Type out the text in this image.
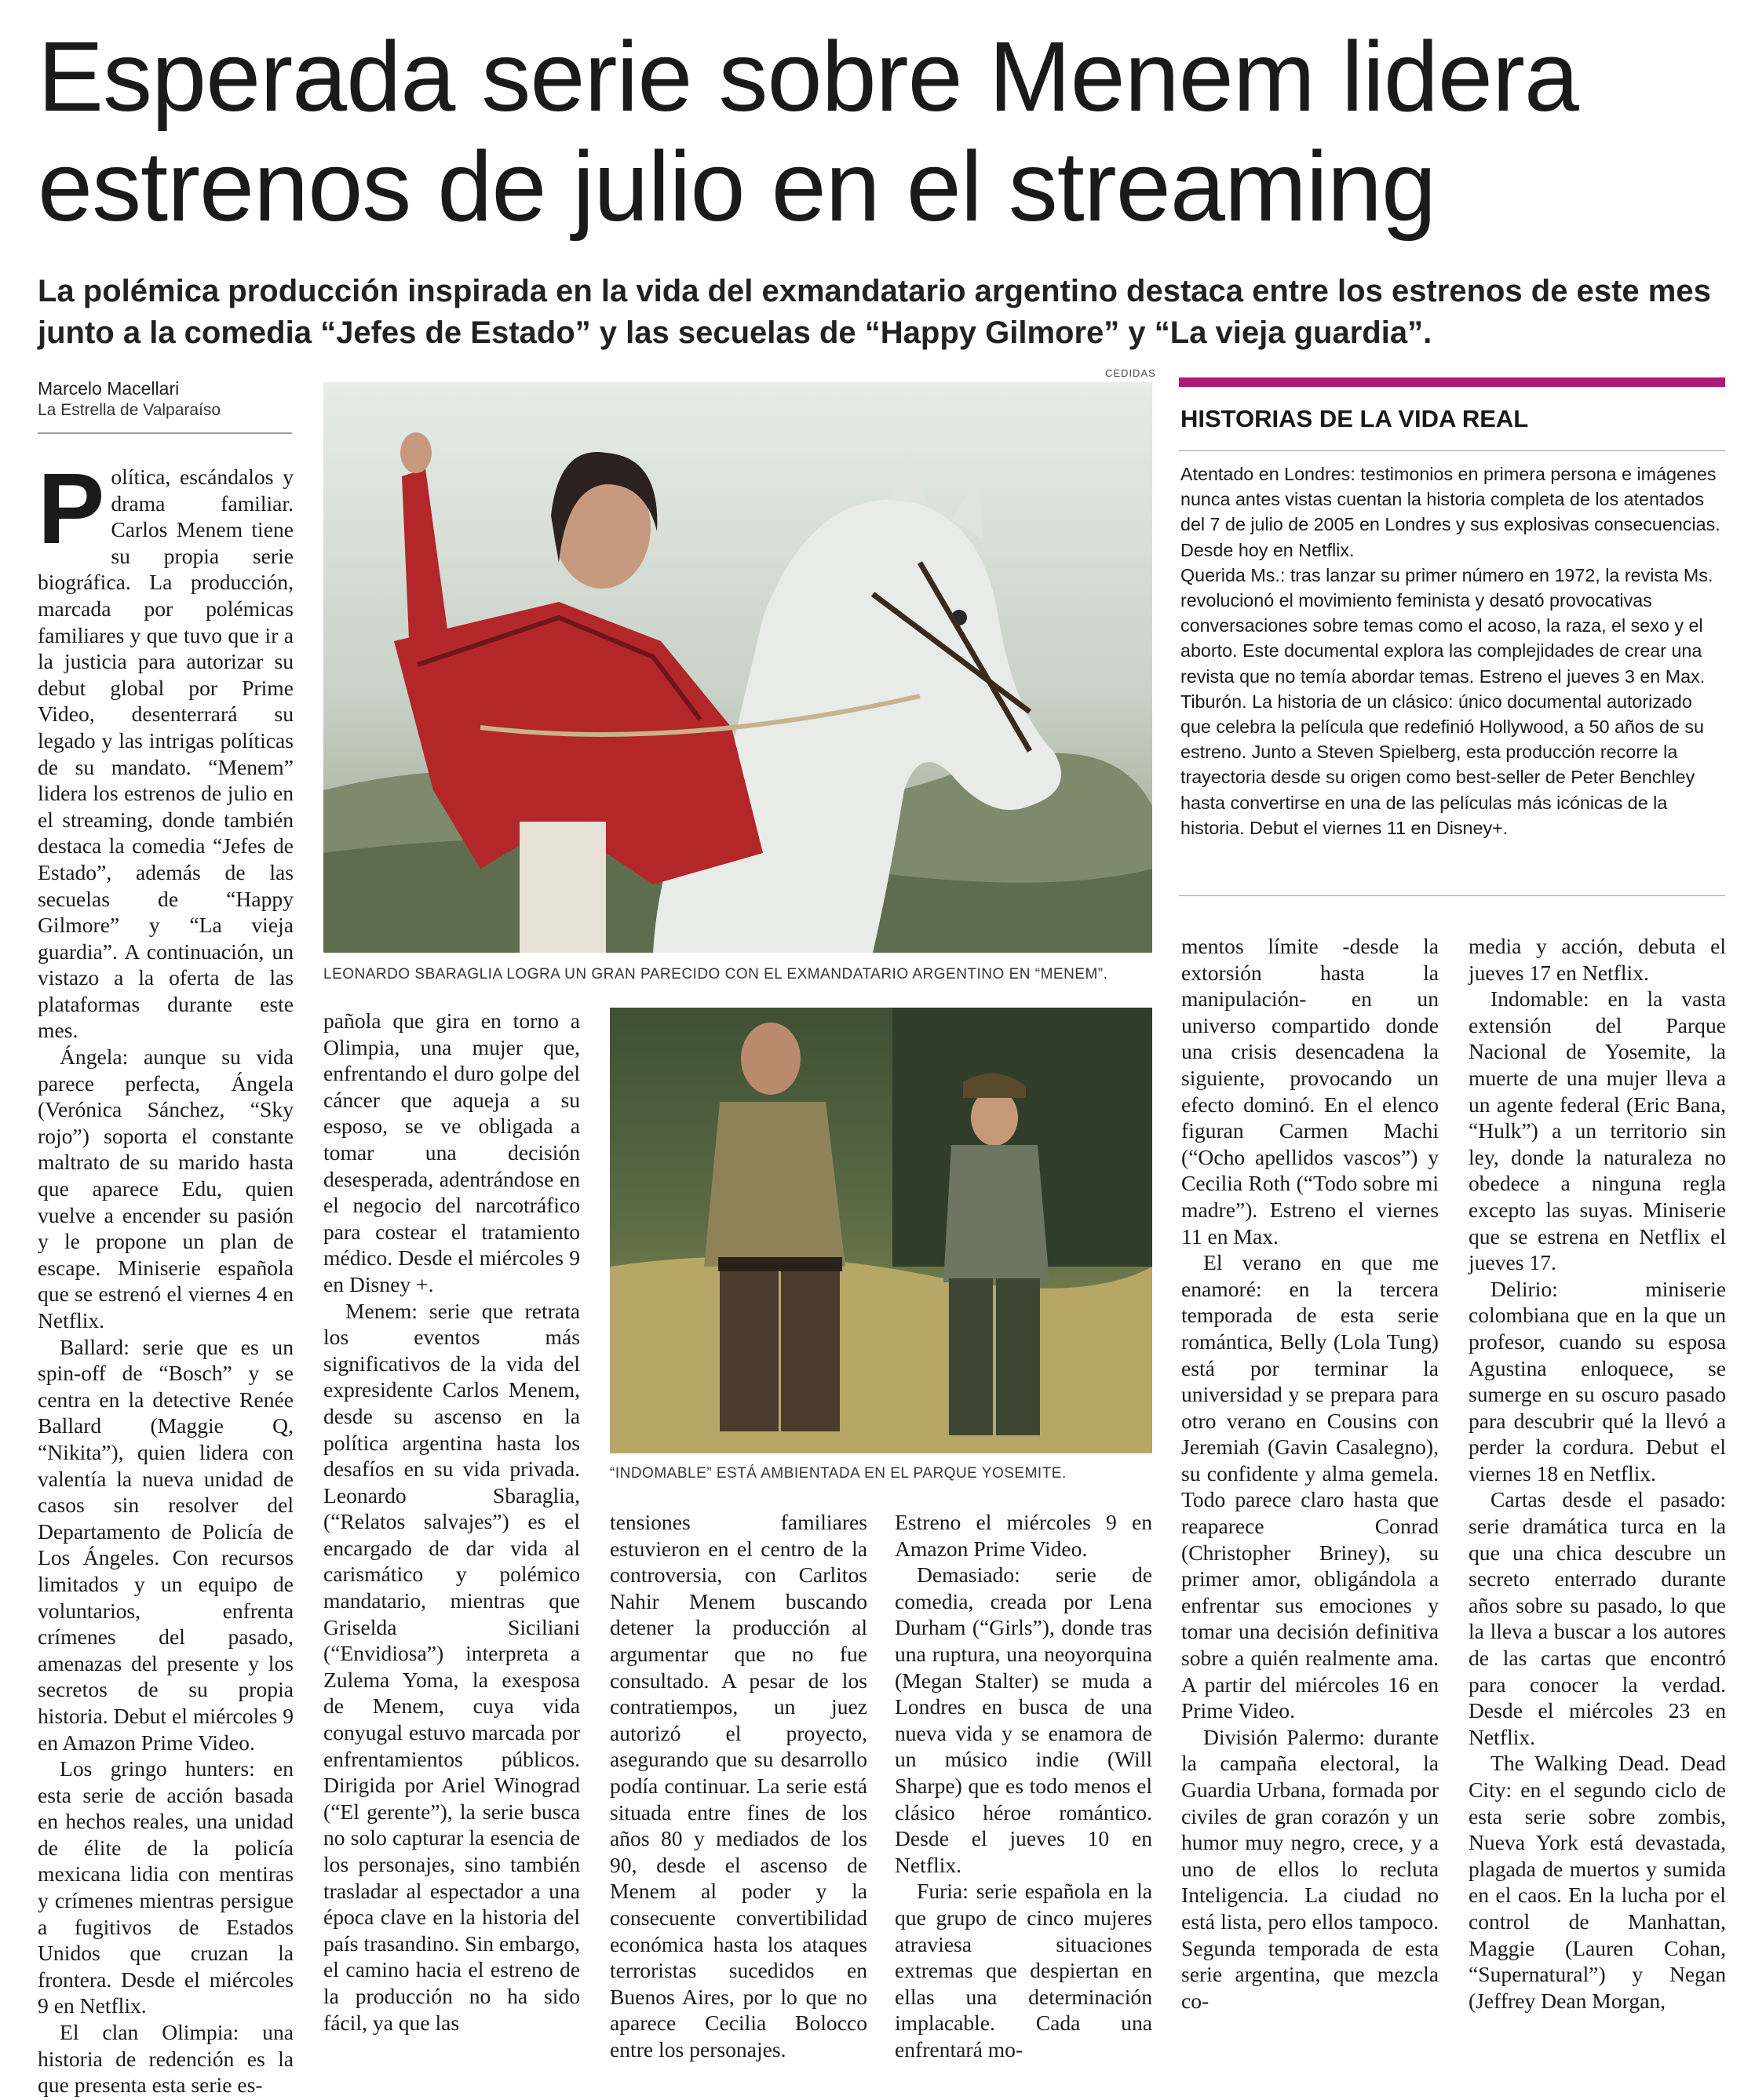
Esperada serie sobre Menem lidera estrenos de julio en el streaming
La polémica producción inspirada en la vida del exmandatario argentino destaca entre los estrenos de este mes junto a la comedia “Jefes de Estado” y las secuelas de “Happy Gilmore” y “La vieja guardia”.
Marcelo Macellari
La Estrella de Valparaíso
CEDIDAS
LEONARDO SBARAGLIA LOGRA UN GRAN PARECIDO CON EL EXMANDATARIO ARGENTINO EN “MENEM”.
HISTORIAS DE LA VIDA REAL

Atentado en Londres: testimonios en primera persona e imágenes nunca antes vistas cuentan la historia completa de los atentados del 7 de julio de 2005 en Londres y sus explosivas consecuencias. Desde hoy en Netflix.

Querida Ms.: tras lanzar su primer número en 1972, la revista Ms. revolucionó el movimiento feminista y desató provocativas conversaciones sobre temas como el acoso, la raza, el sexo y el aborto. Este documental explora las complejidades de crear una revista que no temía abordar temas. Estreno el jueves 3 en Max.

Tiburón. La historia de un clásico: único documental autorizado que celebra la película que redefinió Hollywood, a 50 años de su estreno. Junto a Steven Spielberg, esta producción recorre la trayectoria desde su origen como best-seller de Peter Benchley hasta convertirse en una de las películas más icónicas de la historia. Debut el viernes 11 en Disney+.

“INDOMABLE” ESTÁ AMBIENTADA EN EL PARQUE YOSEMITE.

Política, escándalos y drama familiar. Carlos Menem tiene su propia serie biográfica. La producción, marcada por polémicas familiares y que tuvo que ir a la justicia para autorizar su debut global por Prime Video, desenterrará su legado y las intrigas políticas de su mandato. “Menem” lidera los estrenos de julio en el streaming, donde también destaca la comedia “Jefes de Estado”, además de las secuelas de “Happy Gilmore” y “La vieja guardia”. A continuación, un vistazo a la oferta de las plataformas durante este mes.

Ángela: aunque su vida parece perfecta, Ángela (Verónica Sánchez, “Sky rojo”) soporta el constante maltrato de su marido hasta que aparece Edu, quien vuelve a encender su pasión y le propone un plan de escape. Miniserie española que se estrenó el viernes 4 en Netflix.

Ballard: serie que es un spin-off de “Bosch” y se centra en la detective Renée Ballard (Maggie Q, “Nikita”), quien lidera con valentía la nueva unidad de casos sin resolver del Departamento de Policía de Los Ángeles. Con recursos limitados y un equipo de voluntarios, enfrenta crímenes del pasado, amenazas del presente y los secretos de su propia historia. Debut el miércoles 9 en Amazon Prime Video.

Los gringo hunters: en esta serie de acción basada en hechos reales, una unidad de élite de la policía mexicana lidia con mentiras y crímenes mientras persigue a fugitivos de Estados Unidos que cruzan la frontera. Desde el miércoles 9 en Netflix.

El clan Olimpia: una historia de redención es la que presenta esta serie es-

pañola que gira en torno a Olimpia, una mujer que, enfrentando el duro golpe del cáncer que aqueja a su esposo, se ve obligada a tomar una decisión desesperada, adentrándose en el negocio del narcotráfico para costear el tratamiento médico. Desde el miércoles 9 en Disney +.

Menem: serie que retrata los eventos más significativos de la vida del expresidente Carlos Menem, desde su ascenso en la política argentina hasta los desafíos en su vida privada. Leonardo Sbaraglia, (“Relatos salvajes”) es el encargado de dar vida al carismático y polémico mandatario, mientras que Griselda Siciliani (“Envidiosa”) interpreta a Zulema Yoma, la exesposa de Menem, cuya vida conyugal estuvo marcada por enfrentamientos públicos. Dirigida por Ariel Winograd (“El gerente”), la serie busca no solo capturar la esencia de los personajes, sino también trasladar al espectador a una época clave en la historia del país trasandino. Sin embargo, el camino hacia el estreno de la producción no ha sido fácil, ya que las

tensiones familiares estuvieron en el centro de la controversia, con Carlitos Nahir Menem buscando detener la producción al argumentar que no fue consultado. A pesar de los contratiempos, un juez autorizó el proyecto, asegurando que su desarrollo podía continuar. La serie está situada entre fines de los años 80 y mediados de los 90, desde el ascenso de Menem al poder y la consecuente convertibilidad económica hasta los ataques terroristas sucedidos en Buenos Aires, por lo que no aparece Cecilia Bolocco entre los personajes.

Estreno el miércoles 9 en Amazon Prime Video.

Demasiado: serie de comedia, creada por Lena Durham (“Girls”), donde tras una ruptura, una neoyorquina (Megan Stalter) se muda a Londres en busca de una nueva vida y se enamora de un músico indie (Will Sharpe) que es todo menos el clásico héroe romántico. Desde el jueves 10 en Netflix.

Furia: serie española en la que grupo de cinco mujeres atraviesa situaciones extremas que despiertan en ellas una determinación implacable. Cada una enfrentará mo-

mentos límite -desde la extorsión hasta la manipulación- en un universo compartido donde una crisis desencadena la siguiente, provocando un efecto dominó. En el elenco figuran Carmen Machi (“Ocho apellidos vascos”) y Cecilia Roth (“Todo sobre mi madre”). Estreno el viernes 11 en Max.

El verano en que me enamoré: en la tercera temporada de esta serie romántica, Belly (Lola Tung) está por terminar la universidad y se prepara para otro verano en Cousins con Jeremiah (Gavin Casalegno), su confidente y alma gemela. Todo parece claro hasta que reaparece Conrad (Christopher Briney), su primer amor, obligándola a enfrentar sus emociones y tomar una decisión definitiva sobre a quién realmente ama. A partir del miércoles 16 en Prime Video.

División Palermo: durante la campaña electoral, la Guardia Urbana, formada por civiles de gran corazón y un humor muy negro, crece, y a uno de ellos lo recluta Inteligencia. La ciudad no está lista, pero ellos tampoco. Segunda temporada de esta serie argentina, que mezcla co-

media y acción, debuta el jueves 17 en Netflix.

Indomable: en la vasta extensión del Parque Nacional de Yosemite, la muerte de una mujer lleva a un agente federal (Eric Bana, “Hulk”) a un territorio sin ley, donde la naturaleza no obedece a ninguna regla excepto las suyas. Miniserie que se estrena en Netflix el jueves 17.

Delirio: miniserie colombiana que en la que un profesor, cuando su esposa Agustina enloquece, se sumerge en su oscuro pasado para descubrir qué la llevó a perder la cordura. Debut el viernes 18 en Netflix.

Cartas desde el pasado: serie dramática turca en la que una chica descubre un secreto enterrado durante años sobre su pasado, lo que la lleva a buscar a los autores de las cartas que encontró para conocer la verdad. Desde el miércoles 23 en Netflix.

The Walking Dead. Dead City: en el segundo ciclo de esta serie sobre zombis, Nueva York está devastada, plagada de muertos y sumida en el caos. En la lucha por el control de Manhattan, Maggie (Lauren Cohan, “Supernatural”) y Negan (Jeffrey Dean Morgan,
